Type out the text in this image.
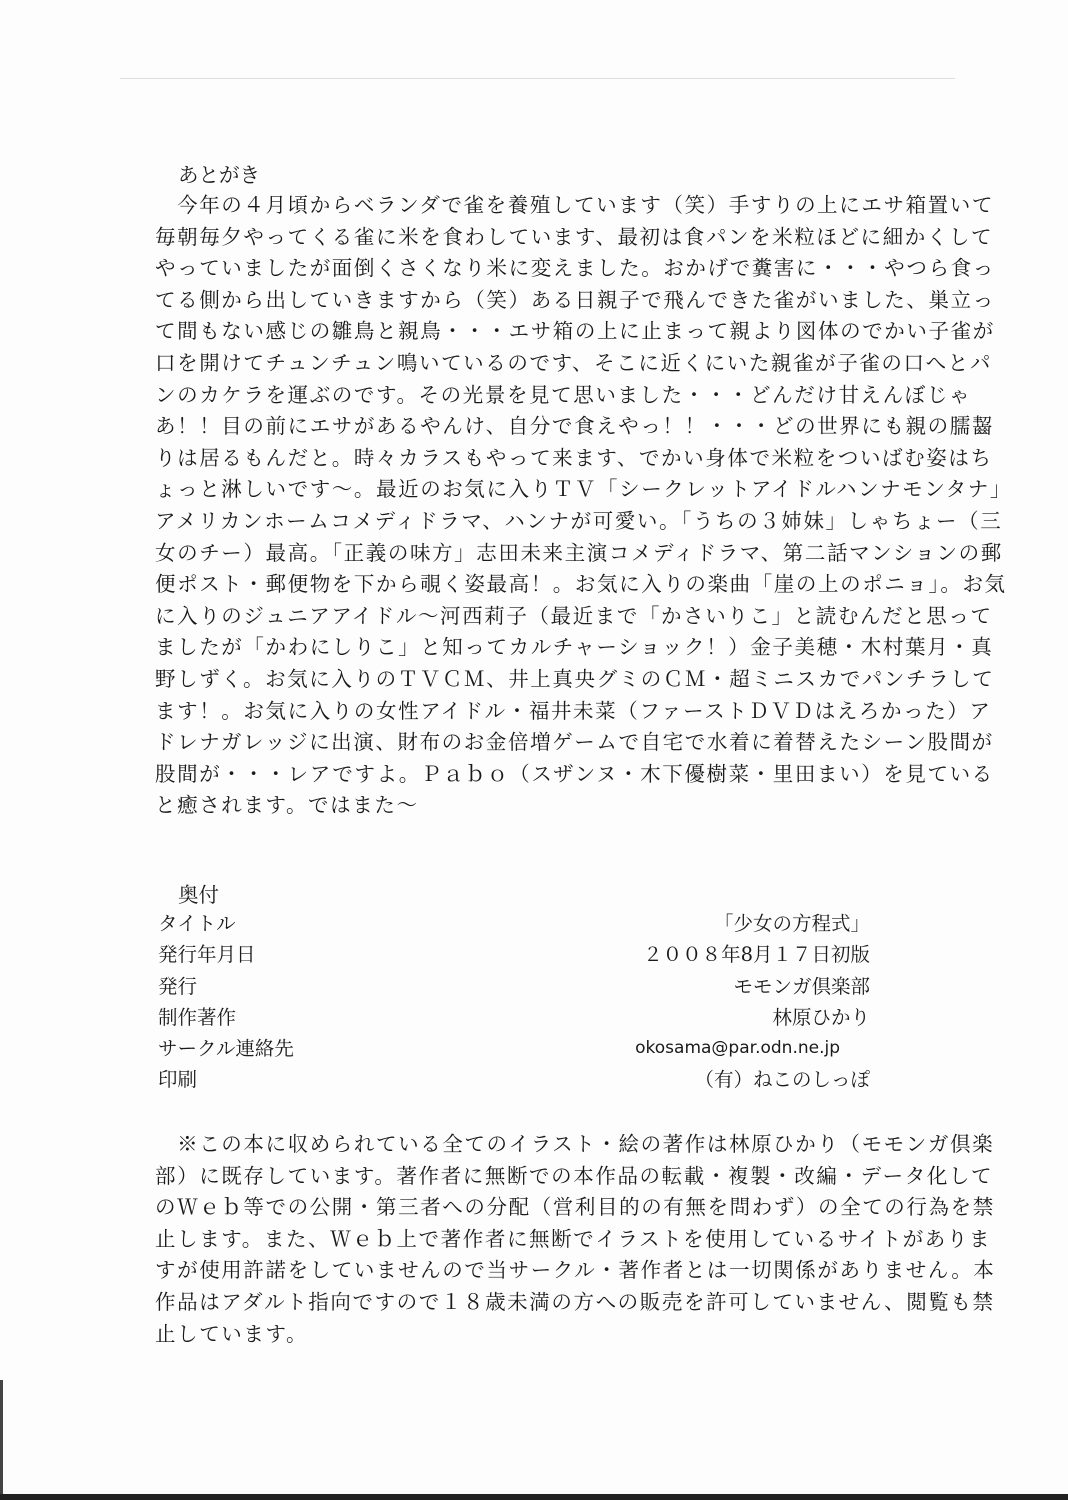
あとがき
　今年の４月頃からベランダで雀を養殖しています（笑）手すりの上にエサ箱置いて
毎朝毎夕やってくる雀に米を食わしています、最初は食パンを米粒ほどに細かくして
やっていましたが面倒くさくなり米に変えました。おかげで糞害に・・・やつら食っ
てる側から出していきますから（笑）ある日親子で飛んできた雀がいました、巣立っ
て間もない感じの雛鳥と親鳥・・・エサ箱の上に止まって親より図体のでかい子雀が
口を開けてチュンチュン鳴いているのです、そこに近くにいた親雀が子雀の口へとパ
ンのカケラを運ぶのです。その光景を見て思いました・・・どんだけ甘えんぼじゃ
あ！！目の前にエサがあるやんけ、自分で食えやっ！！・・・どの世界にも親の臑齧
りは居るもんだと。時々カラスもやって来ます、でかい身体で米粒をついばむ姿はち
ょっと淋しいです～。最近のお気に入りＴＶ「シークレットアイドルハンナモンタナ」
アメリカンホームコメディドラマ、ハンナが可愛い。「うちの３姉妹」しゃちょー（三
女のチー）最高。「正義の味方」志田未来主演コメディドラマ、第二話マンションの郵
便ポスト・郵便物を下から覗く姿最高！。お気に入りの楽曲「崖の上のポニョ」。お気
に入りのジュニアアイドル～河西莉子（最近まで「かさいりこ」と読むんだと思って
ましたが「かわにしりこ」と知ってカルチャーショック！）金子美穂・木村葉月・真
野しずく。お気に入りのＴＶＣＭ、井上真央グミのＣＭ・超ミニスカでパンチラして
ます！。お気に入りの女性アイドル・福井未菜（ファーストＤＶＤはえろかった）ア
ドレナガレッジに出演、財布のお金倍増ゲームで自宅で水着に着替えたシーン股間が
股間が・・・レアですよ。Ｐａｂｏ（スザンヌ・木下優樹菜・里田まい）を見ている
と癒されます。ではまた～
奥付
タイトル	「少女の方程式」
発行年月日	２００８年8月１７日初版
発行	モモンガ倶楽部
制作著作	林原ひかり
サークル連絡先	okosama@par.odn.ne.jp
印刷	（有）ねこのしっぽ
　※この本に収められている全てのイラスト・絵の著作は林原ひかり（モモンガ倶楽
部）に既存しています。著作者に無断での本作品の転載・複製・改編・データ化して
のＷｅｂ等での公開・第三者への分配（営利目的の有無を問わず）の全ての行為を禁
止します。また、Ｗｅｂ上で著作者に無断でイラストを使用しているサイトがありま
すが使用許諾をしていませんので当サークル・著作者とは一切関係がありません。本
作品はアダルト指向ですので１８歳未満の方への販売を許可していません、閲覧も禁
止しています。
